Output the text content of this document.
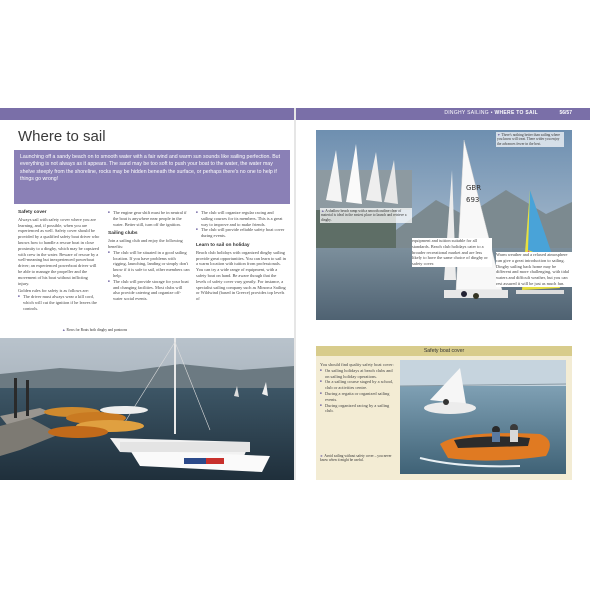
DINGHY SAILING • WHERE TO SAIL	56/57
Where to sail
Launching off a sandy beach on to smooth water with a fair wind and warm sun sounds like sailing perfection. But everything is not always as it appears. The sand may be too soft to push your boat to the water, the water may shelve steeply from the shoreline, rocks may be hidden beneath the surface, or perhaps there's no one to help if things go wrong!
Safety cover
Always sail with safety cover where you are learning, and, if possible, when you are experienced as well. Safety cover should be provided by a qualified safety boat driver who knows how to handle a rescue boat in close proximity to a dinghy, which may be capsized with crew in the water. Beware of rescue by a well-meaning but inexperienced powerboat driver; an experienced powerboat driver will be able to manage the propeller and the movement of his boat without inflicting injury.
Golden rules for safety is as follows are:
■ The driver must always wear a kill cord, which will cut the ignition if he leaves the controls.
■ The engine gear shift must be in neutral if the boat is anywhere near people in the water. Better still, turn off the ignition.
Sailing clubs
Join a sailing club and enjoy the following benefits:
■ The club will be situated in a good sailing location. If you have problems with rigging, launching, landing or simply don't know if it is safe to sail, other members can help.
■ The club will provide storage for your boat and changing facilities. Most clubs will also provide catering and organize off-water social events.
■ The club will organize regular racing and sailing courses for its members. This is a great way to improve and to make friends.
■ The club will provide reliable safety boat cover during events.
Learn to sail on holiday
Beach club holidays with organized dinghy sailing provide great opportunities. You can learn to sail in a warm location with tuition from professionals. You can try a wide range of equipment, with a safety boat on hand. Be aware though that the levels of safety cover vary greatly. For instance, a specialist sailing company such as Minorca Sailing or Wildwind (based in Greece) provides top levels of
▲ Rows for Boats both dinghy and pontoons
GBR
693
▼ There's nothing better than sailing where you know will treat. There wider you enjoy the advances fewer in the best.
▲ A shallow beach ramp with a smooth outline clear of material is ideal in the easiest place to launch and retrieve a dinghy.
equipment and tuition suitable for all standards. Beach club holidays cater to a broader recreational market and are less likely to have the same choice of dinghy or safety cover.
Warm weather and a relaxed atmosphere can give a great introduction to sailing. Dinghy sailing back home may be different and more challenging, with tidal waters and difficult weather, but you can rest assured it will be just as much fun.
Safety boat cover
You should find quality safety boat cover:
■ On sailing holidays at beach clubs and on sailing holiday operations.
■ On a sailing course staged by a school, club or activities centre.
■ During a regatta or organized sailing events.
■ During organized racing by a sailing club.
► Avoid sailing without safety cover – you never know when it might be useful.
